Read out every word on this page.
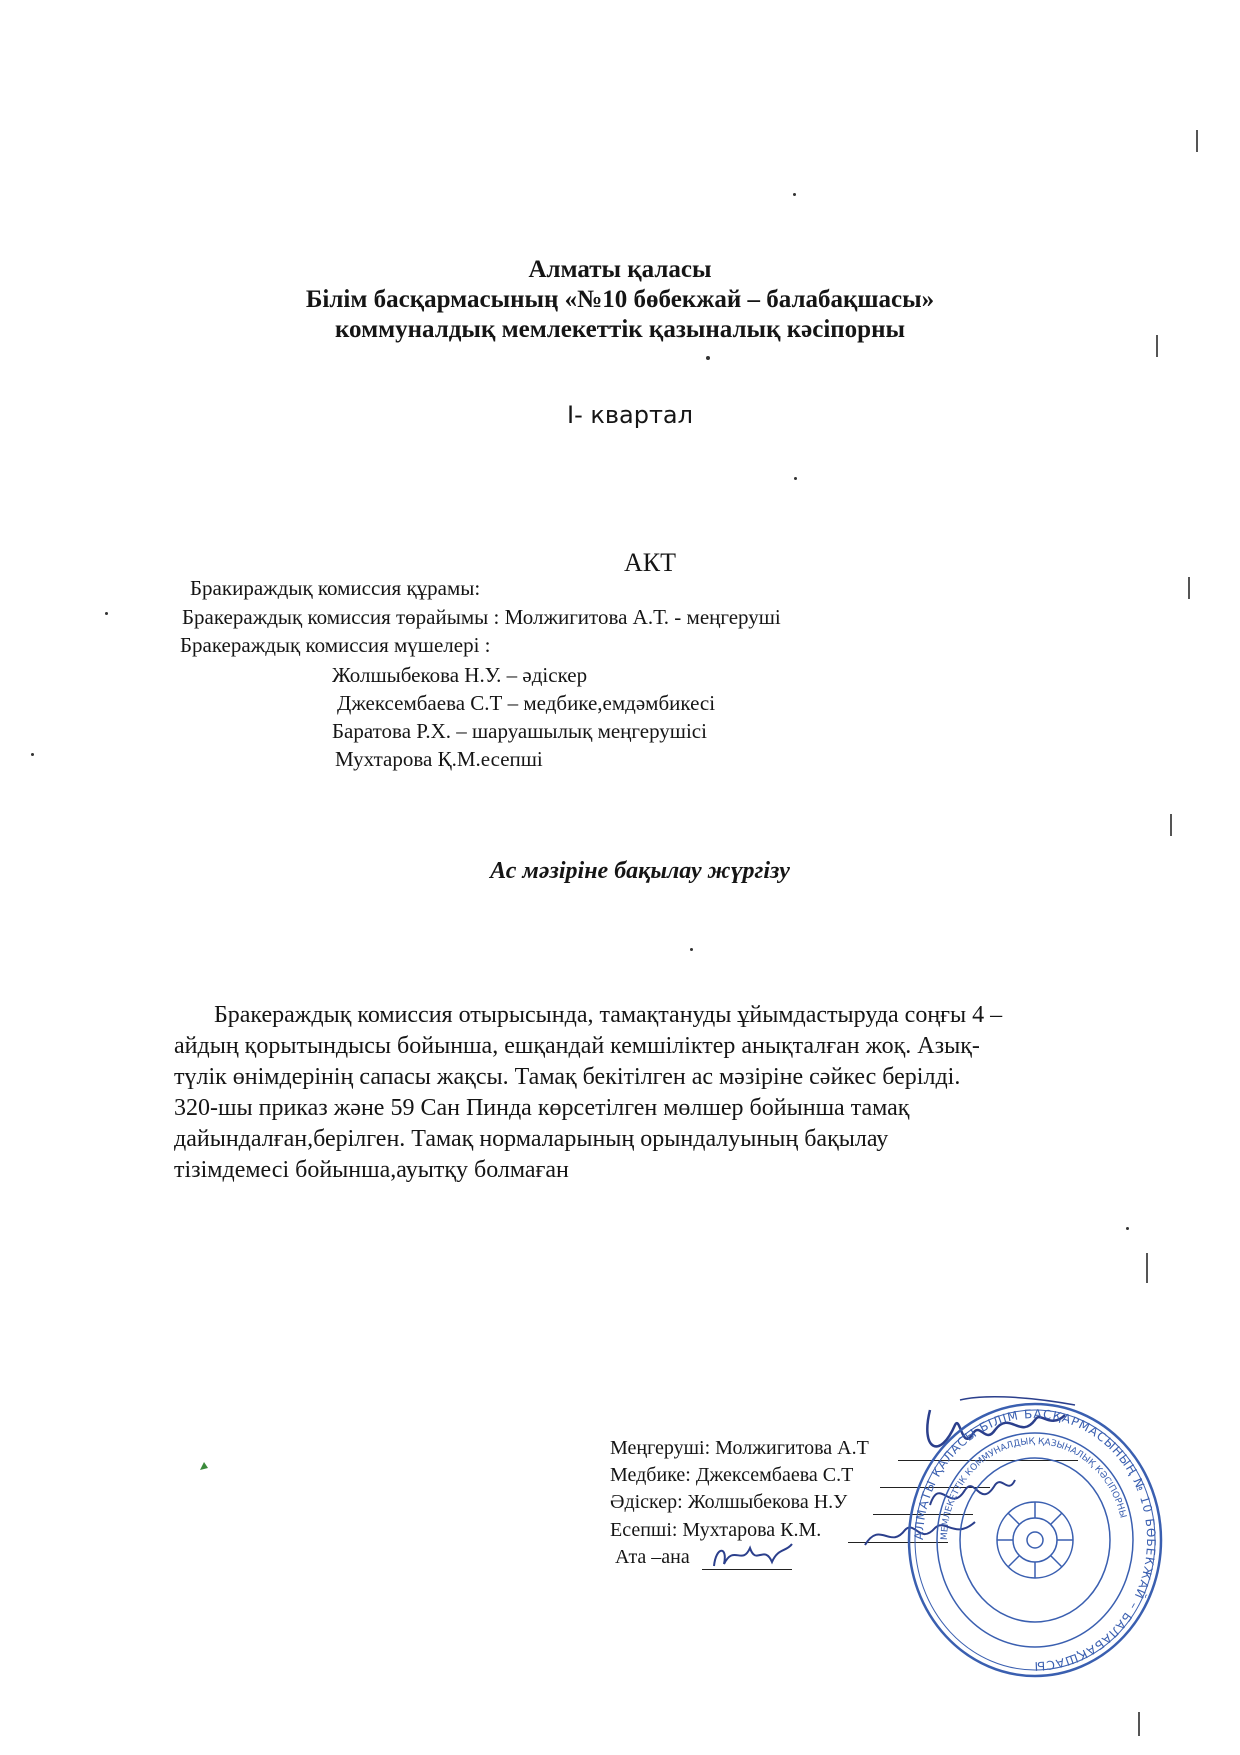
Алматы қаласы
Білім басқармасының «№10 бөбекжай – балабақшасы»
коммуналдық мемлекеттік қазыналық кәсіпорны
I- квартал
АКТ
Бракираждық комиссия құрамы:
Бракераждық комиссия төрайымы : Молжигитова А.Т. - меңгеруші
Бракераждық комиссия мүшелері :
Жолшыбекова Н.У. – әдіскер
Джексембаева С.Т – медбике,емдәмбикесі
Баратова Р.Х. – шаруашылық меңгерушісі
Мухтарова Қ.М.есепші
Ас мәзіріне бақылау жүргізу
Бракераждық комиссия отырысында, тамақтануды ұйымдастыруда соңғы 4 –
айдың қорытындысы бойынша, ешқандай кемшіліктер анықталған жоқ. Азық-
түлік өнімдерінің сапасы жақсы. Тамақ бекітілген ас мәзіріне сәйкес берілді.
320-шы приказ және 59 Сан Пинда көрсетілген мөлшер бойынша тамақ
дайындалған,берілген. Тамақ нормаларының орындалуының бақылау
тізімдемесі бойынша,ауытқу болмаған
Меңгеруші: Молжигитова А.Т
Медбике: Джексембаева С.Т
Әдіскер: Жолшыбекова Н.У
Есепші: Мухтарова К.М.
Ата –ана
АЛМАТЫ ҚАЛАСЫ БІЛІМ БАСҚАРМАСЫНЫҢ № 10 БӨБЕКЖАЙ – БАЛАБАҚШАСЫ
МЕМЛЕКЕТТІК КОММУНАЛДЫҚ ҚАЗЫНАЛЫҚ КӘСІПОРНЫ
